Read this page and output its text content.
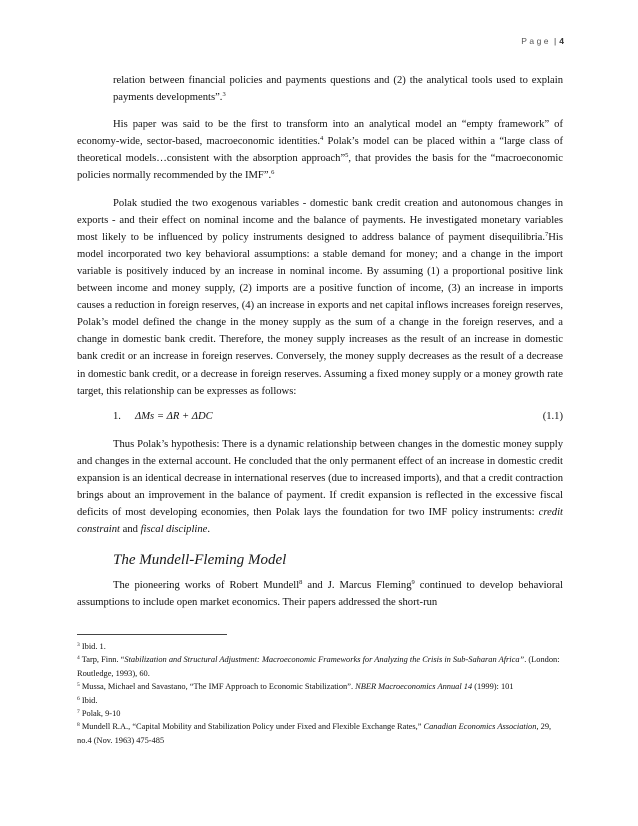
Page | 4

relation between financial policies and payments questions and (2) the analytical tools used to explain payments developments”.$^3$

His paper was said to be the first to transform into an analytical model an “empty framework” of economy-wide, sector-based, macroeconomic identities.$^4$ Polak’s model can be placed within a “large class of theoretical models…consistent with the absorption approach”$^5$, that provides the basis for the “macroeconomic policies normally recommended by the IMF”.$^6$

Polak studied the two exogenous variables - domestic bank credit creation and autonomous changes in exports - and their effect on nominal income and the balance of payments. He investigated monetary variables most likely to be influenced by policy instruments designed to address balance of payment disequilibria.$^7$His model incorporated two key behavioral assumptions: a stable demand for money; and a change in the import variable is positively induced by an increase in nominal income. By assuming (1) a proportional positive link between income and money supply, (2) imports are a positive function of income, (3) an increase in imports causes a reduction in foreign reserves, (4) an increase in exports and net capital inflows increases foreign reserves, Polak’s model defined the change in the money supply as the sum of a change in the foreign reserves, and a change in domestic bank credit. Therefore, the money supply increases as the result of an increase in domestic bank credit or an increase in foreign reserves. Conversely, the money supply decreases as the result of a decrease in domestic bank credit, or a decrease in foreign reserves. Assuming a fixed money supply or a money growth rate target, this relationship can be expresses as follows:

1. ΔMs = ΔR + ΔDC	(1.1)

Thus Polak’s hypothesis: There is a dynamic relationship between changes in the domestic money supply and changes in the external account. He concluded that the only permanent effect of an increase in domestic credit expansion is an identical decrease in international reserves (due to increased imports), and that a credit contraction brings about an improvement in the balance of payment. If credit expansion is reflected in the excessive fiscal deficits of most developing economies, then Polak lays the foundation for two IMF policy instruments: credit constraint and fiscal discipline.

The Mundell-Fleming Model

The pioneering works of Robert Mundell$^8$ and J. Marcus Fleming$^9$ continued to develop behavioral assumptions to include open market economics. Their papers addressed the short-run

$^3$ Ibid. 1.
$^4$ Tarp, Finn. “Stabilization and Structural Adjustment: Macroeconomic Frameworks for Analyzing the Crisis in Sub-Saharan Africa”. (London: Routledge, 1993), 60.
$^5$ Mussa, Michael and Savastano, “The IMF Approach to Economic Stabilization”. NBER Macroeconomics Annual 14 (1999): 101
$^6$ Ibid.
$^7$ Polak, 9-10
$^8$ Mundell R.A., “Capital Mobility and Stabilization Policy under Fixed and Flexible Exchange Rates,” Canadian Economics Association, 29, no.4 (Nov. 1963) 475-485
